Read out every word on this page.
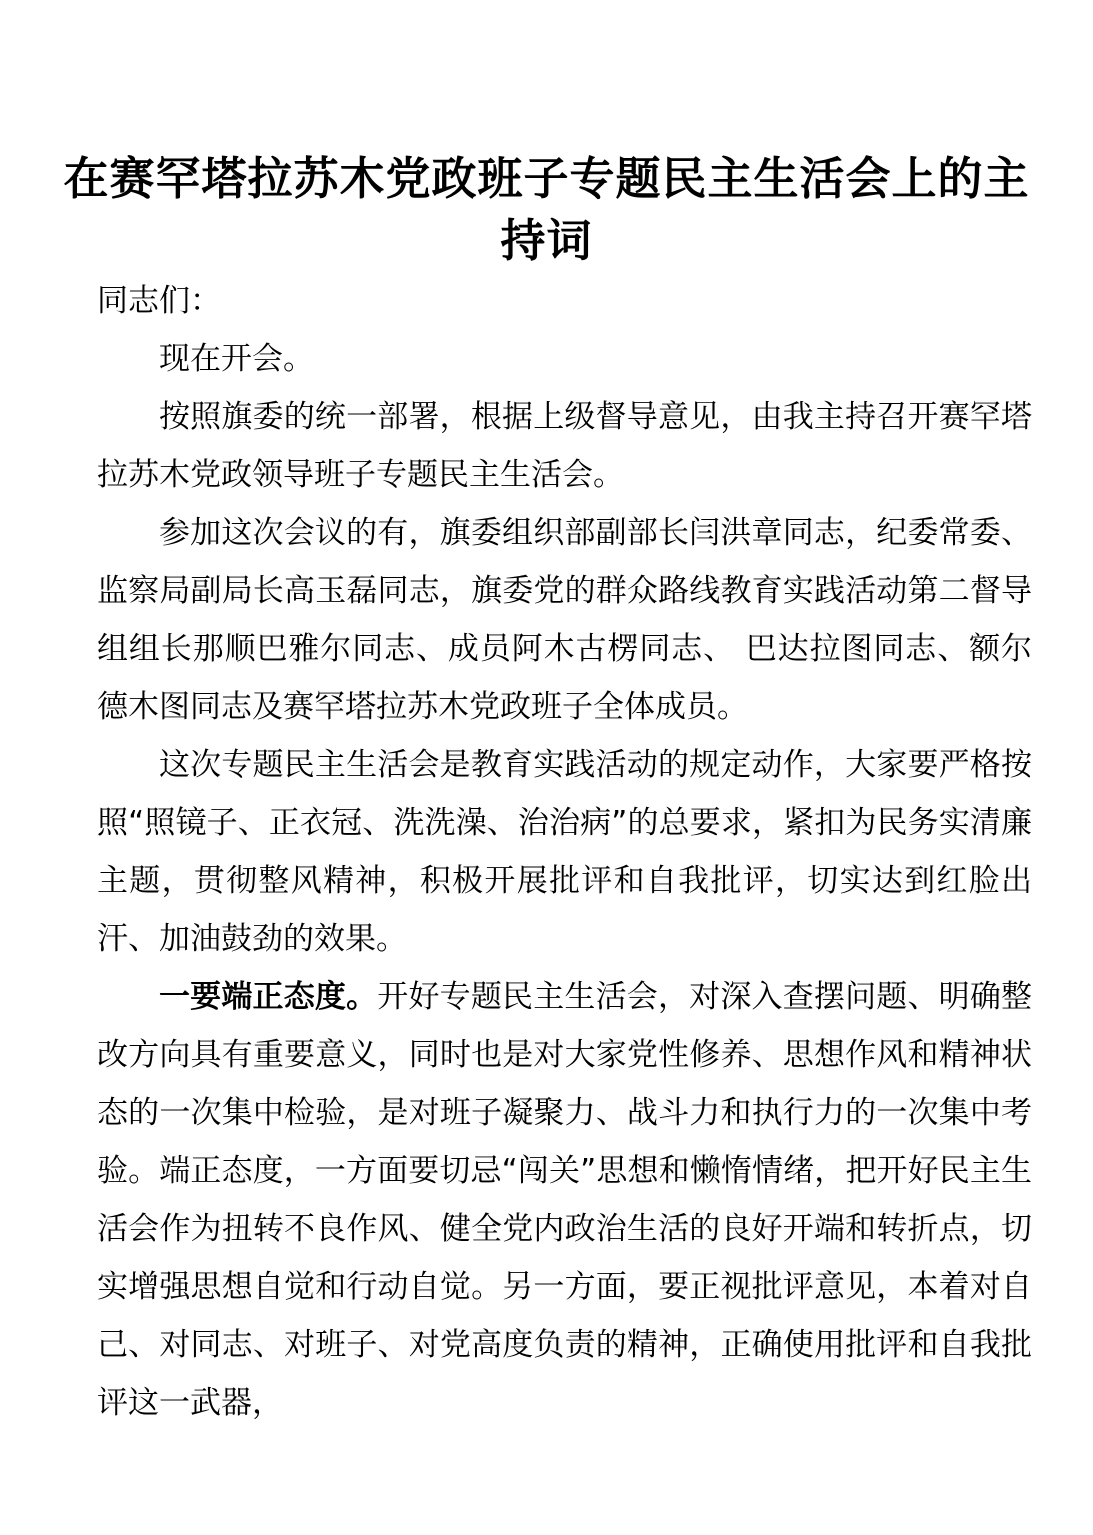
在赛罕塔拉苏木党政班子专题民主生活会上的主持词

同志们：

现在开会。

按照旗委的统一部署，根据上级督导意见，由我主持召开赛罕塔拉苏木党政领导班子专题民主生活会。

参加这次会议的有，旗委组织部副部长闫洪章同志，纪委常委、监察局副局长高玉磊同志，旗委党的群众路线教育实践活动第二督导组组长那顺巴雅尔同志、成员阿木古楞同志、 巴达拉图同志、额尔德木图同志及赛罕塔拉苏木党政班子全体成员。

这次专题民主生活会是教育实践活动的规定动作，大家要严格按照“照镜子、正衣冠、洗洗澡、治治病”的总要求，紧扣为民务实清廉主题，贯彻整风精神，积极开展批评和自我批评，切实达到红脸出汗、加油鼓劲的效果。

一要端正态度。开好专题民主生活会，对深入查摆问题、明确整改方向具有重要意义，同时也是对大家党性修养、思想作风和精神状态的一次集中检验，是对班子凝聚力、战斗力和执行力的一次集中考验。端正态度，一方面要切忌“闯关”思想和懒惰情绪，把开好民主生活会作为扭转不良作风、健全党内政治生活的良好开端和转折点，切实增强思想自觉和行动自觉。另一方面，要正视批评意见，本着对自己、对同志、对班子、对党高度负责的精神，正确使用批评和自我批评这一武器，
